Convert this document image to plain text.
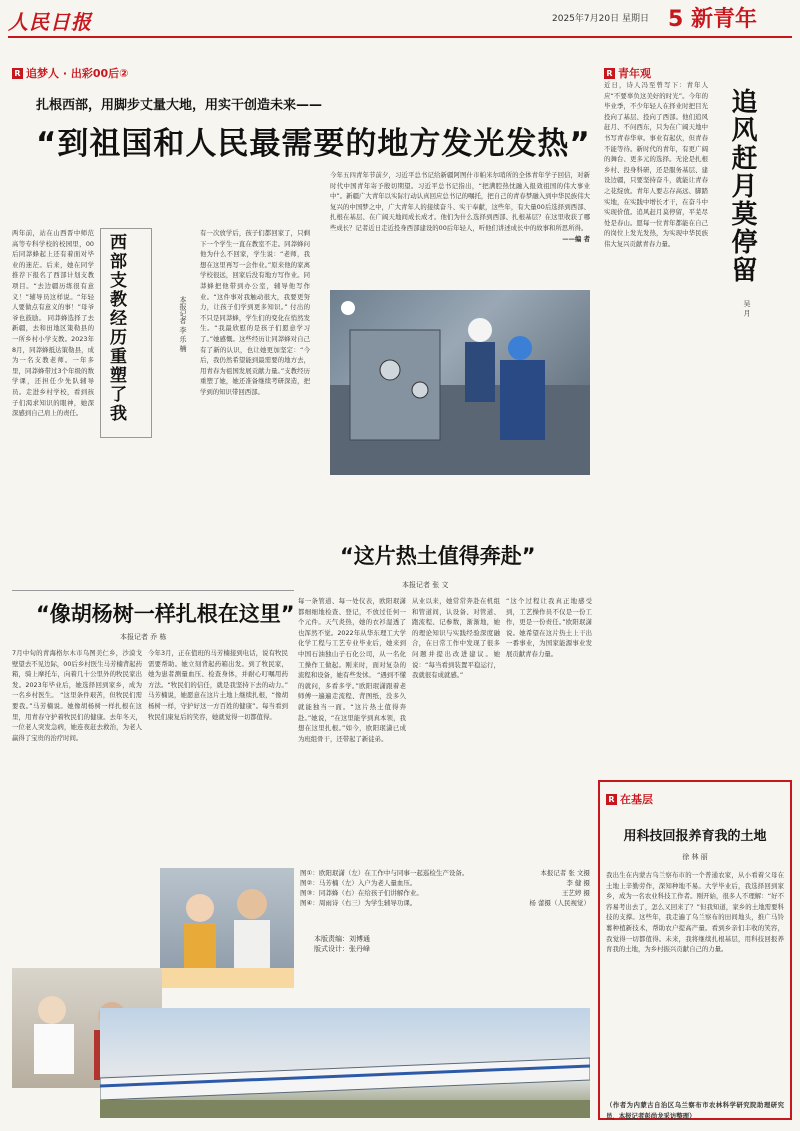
人民日报	2025年7月20日 星期日 5 新青年
R 追梦人 · 出彩00后②
扎根西部，用脚步丈量大地，用实干创造未来——
“到祖国和人民最需要的地方发光发热”
今年五四青年节前夕，习近平总书记给新疆阿图什市帕米尔哨所的全体青年学子回信，对新时代中国青年寄予殷切期望。习近平总书记指出，“把满腔热忱融入报效祖国的伟大事业中”。新疆广大青年以实际行动认真回应总书记的嘱托，把自己的青春梦融入到中华民族伟大复兴的中国梦之中，广大青年人的接续奋斗、实干奉献，这些年，有大量00后选择到西部、扎根在基层、在广阔天地间成长成才。他们为什么选择到西部、扎根基层？在这里收获了哪些成长？记者近日走近投身西部建设的00后年轻人，听他们讲述成长中的故事和所思所得。
——编 者
两年前，站在山西晋中师范高等专科学校的校园里，00后同莽蜂起上还有着面对毕业的迷茫。后来，她在同学推荐下报名了西部计划支教项目。“去边疆历练很有意义！”辅导员这样说。“年轻人要做点有意义的事！”母爷爷也鼓励。 同莽蜂选择了去新疆，去和田地区策勒县的一所乡村小学支教。2023年8月，同莽蜂抵达策勒县，成为一名支教老师。一年多里，同莽蜂带过3个年级的数学课，还担任少先队辅导员。走进乡村学校，看到孩子们渴求知识的眼神，她深深感到自己肩上的责任。	西部支教经历重塑了我	本报记者 李 乐 楠
有一次放学后，孩子们都回家了，只剩下一个学生一直在教室不走。同莽蜂问他为什么不回家，学生说：“老师，我想在这里再写一会作业。”原来他的家离学校很远，回家后没有地方写作业。同莽蜂把他带到办公室，辅导他写作业。“这件事对我触动很大，我要更努力，让孩子们学到更多知识。” 付出的不只是同莽蜂，学生们的变化在悄然发生。“我最欣慰的是孩子们愿意学习了。”她感慨。这些经历让同莽蜂对自己有了新的认识，也让她更加坚定：“今后，我仍然希望能到最需要的地方去，用青春为祖国发展贡献力量。”支教经历重塑了她，她还准备继续考研深造，把学到的知识带回西部。
“这片热土值得奔赴”
本报记者 张 文
每一条管道、每一处仪表，欧阳珉潇都细细地检查、登记，不放过任何一个元件。天气炎热，她的衣衫湿透了也浑然不觉。2022年从华东理工大学化学工程与工艺专业毕业后，她来到中国石油独山子石化公司，从一名化工操作工做起。刚来时，面对复杂的流程和设备，她有些发怵。 “遇到不懂的就问，多看多学。”欧阳珉潇跟着老师傅一遍遍走流程、背图纸，没多久就能独当一面。“这片热土值得奔赴。”她说，“在这里能学到真本领，我想在这里扎根。”如今，欧阳珉潇已成为班组骨干，还带起了新徒弟。
从业以来，她常常奔赴在机组和管道间，认设备、对管道、跑流程、记参数，渐渐地，她的理论知识与实践经验深度融合，在日常工作中发现了很多问题并提出改进建议。她说：“每当看到装置平稳运行，我就很有成就感。”
“这个过程让我真正地感受到，工艺操作员不仅是一份工作，更是一份责任。”欧阳珉潇说。她希望在这片热土上干出一番事业，为国家能源事业发展贡献青春力量。
图①：欧阳珉潇（左）在工作中与同事一起巡检生产设备。	本报记者 张 文摄
图②：马芳楠（左）入户为老人量血压。	李 健 摄
图③：同莽蜂（右）在给孩子们讲解作业。	王艺婷 摄
图④：周雨诗（右三）为学生辅导功课。	杨 蕾摄（人民视觉）
本版责编：刘博通
版式设计：张丹峰
“像胡杨树一样扎根在这里”
本报记者 乔 栋
7月中旬的青海格尔木市乌图美仁乡，沙漠戈壁望去不见边际，00后乡村医生马芳楠背起药箱，骑上摩托车，向着几十公里外的牧民家出发。2023年毕业后，她选择回到家乡，成为一名乡村医生。 “这里条件艰苦，但牧民们需要我。”马芳楠说。她像胡杨树一样扎根在这里，用青春守护着牧民们的健康。去年冬天，一位老人突发急病，她连夜赶去救治，为老人赢得了宝贵的治疗时间。
今年3月，正在值班的马芳楠接到电话，说有牧民需要帮助。她立刻背起药箱出发。到了牧民家，她为患者测量血压、检查身体，并耐心叮嘱用药方法。“牧民们的信任，就是我坚持下去的动力。” 马芳楠说，她愿意在这片土地上继续扎根，“像胡杨树一样，守护好这一方百姓的健康”。每当看到牧民们康复后的笑容，她就觉得一切都值得。
R 青年观
近日，诗人冯至曾写下：青年人应“不要辜负这美好的时光”。今年的毕业季，不少年轻人在择业时把目光投向了基层、投向了西部。他们追风赶月、不问西东，只为在广阔天地中书写青春华章。事业有起伏，但青春不能等待。新时代的青年，有更广阔的舞台、更多元的选择。无论是扎根乡村、投身科研，还是服务基层、建设边疆，只要坚持奋斗，就能让青春之花绽放。青年人要志存高远、脚踏实地，在实践中增长才干，在奋斗中实现价值。追风赶月莫停留，平芜尽处是春山。愿每一位青年都能在自己的岗位上发光发热，为实现中华民族伟大复兴贡献青春力量。	追风赶月莫停留
吴 月
R 在基层
用科技回报养育我的土地
徐 林 丽
我出生在内蒙古乌兰察布市的一个普通农家，从小看着父母在土地上辛勤劳作，深知种地不易。大学毕业后，我选择回到家乡，成为一名农业科技工作者。刚开始，很多人不理解：“好不容易考出去了，怎么又回来了？”但我知道，家乡的土地需要科技的支撑。这些年，我走遍了乌兰察布的田间地头，推广马铃薯种植新技术，帮助农户提高产量。看到乡亲们丰收的笑容，我觉得一切都值得。未来，我将继续扎根基层，用科技回报养育我的土地，为乡村振兴贡献自己的力量。
（作者为内蒙古自治区乌兰察布市农林科学研究院助理研究员，本报记者彭尚龙采访整理）
